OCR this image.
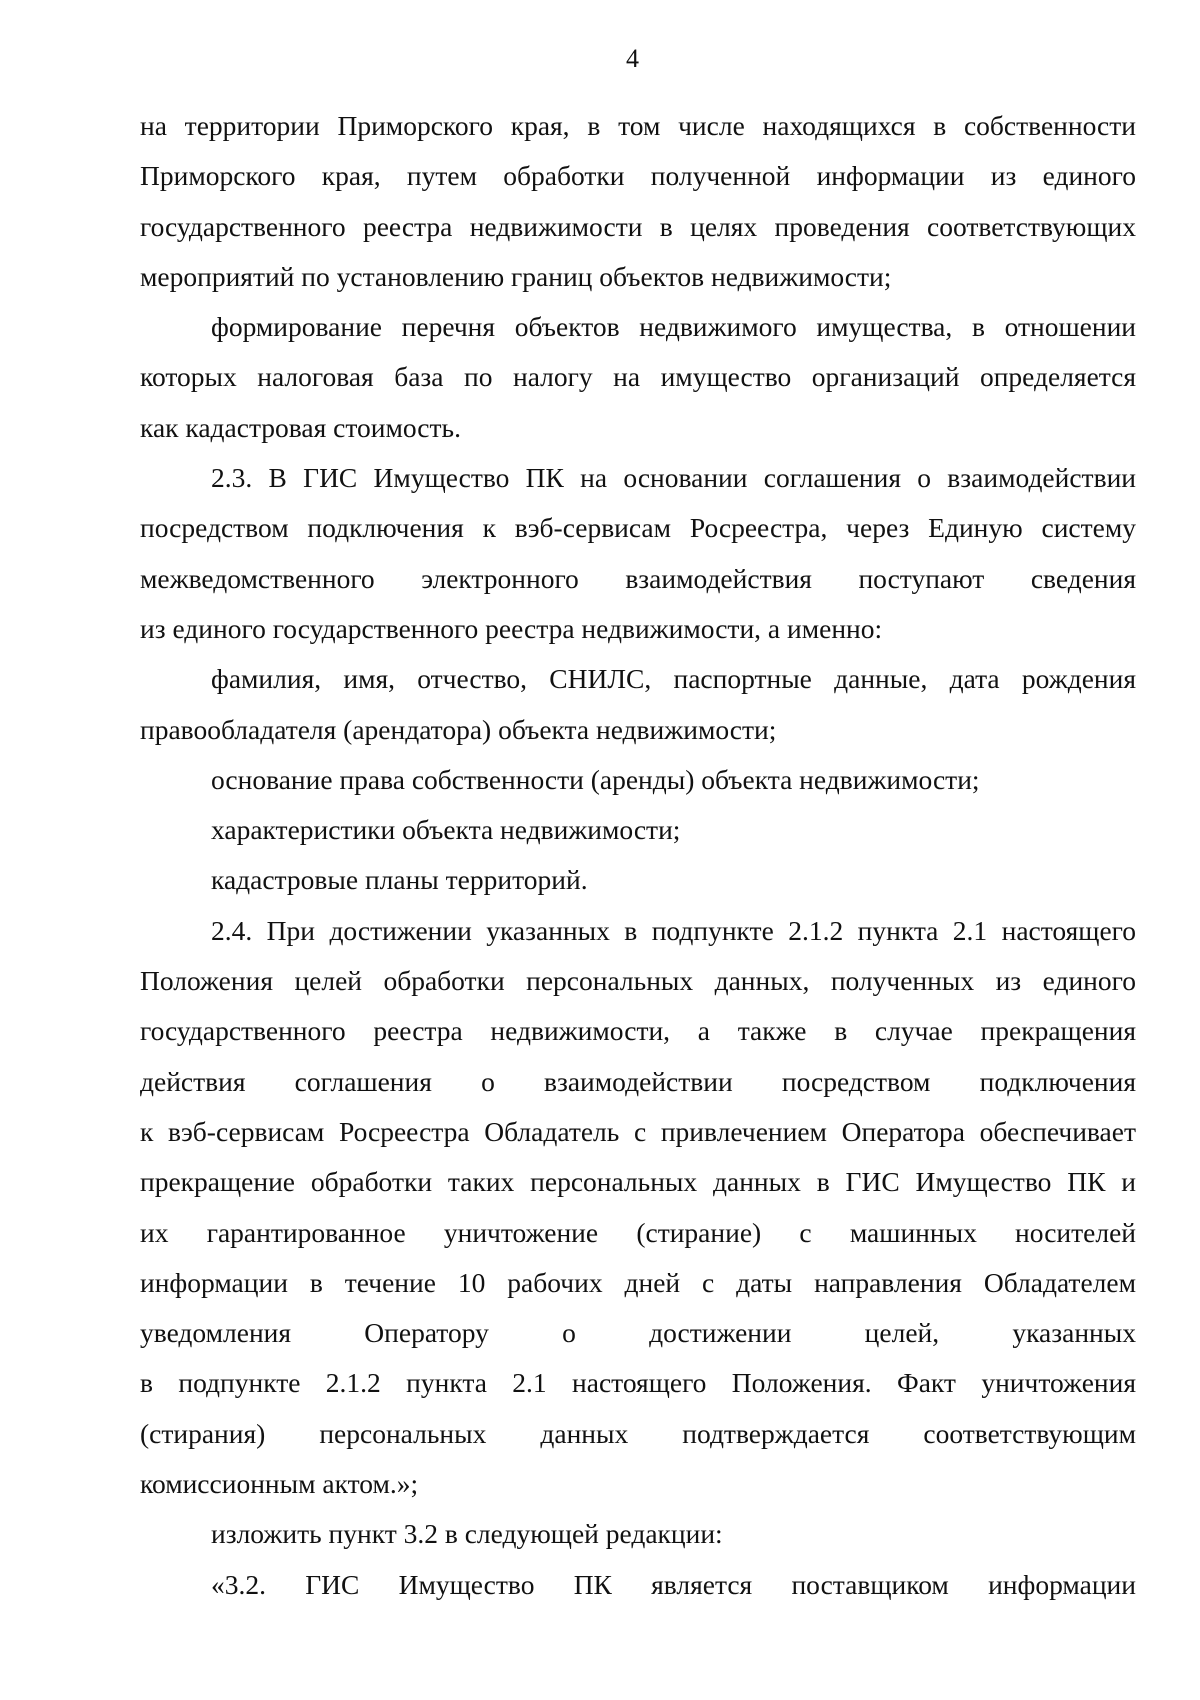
4
на территории Приморского края, в том числе находящихся в собственности
Приморского края, путем обработки полученной информации из единого
государственного реестра недвижимости в целях проведения соответствующих
мероприятий по установлению границ объектов недвижимости;
формирование перечня объектов недвижимого имущества, в отношении
которых налоговая база по налогу на имущество организаций определяется
как кадастровая стоимость.
2.3. В ГИС Имущество ПК на основании соглашения о взаимодействии
посредством подключения к вэб-сервисам Росреестра, через Единую систему
межведомственного электронного взаимодействия поступают сведения
из единого государственного реестра недвижимости, а именно:
фамилия, имя, отчество, СНИЛС, паспортные данные, дата рождения
правообладателя (арендатора) объекта недвижимости;
основание права собственности (аренды) объекта недвижимости;
характеристики объекта недвижимости;
кадастровые планы территорий.
2.4. При достижении указанных в подпункте 2.1.2 пункта 2.1 настоящего
Положения целей обработки персональных данных, полученных из единого
государственного реестра недвижимости, а также в случае прекращения
действия соглашения о взаимодействии посредством подключения
к вэб-сервисам Росреестра Обладатель с привлечением Оператора обеспечивает
прекращение обработки таких персональных данных в ГИС Имущество ПК и
их гарантированное уничтожение (стирание) с машинных носителей
информации в течение 10 рабочих дней с даты направления Обладателем
уведомления Оператору о достижении целей, указанных
в подпункте 2.1.2 пункта 2.1 настоящего Положения. Факт уничтожения
(стирания) персональных данных подтверждается соответствующим
комиссионным актом.»;
изложить пункт 3.2 в следующей редакции:
«3.2. ГИС Имущество ПК является поставщиком информации
